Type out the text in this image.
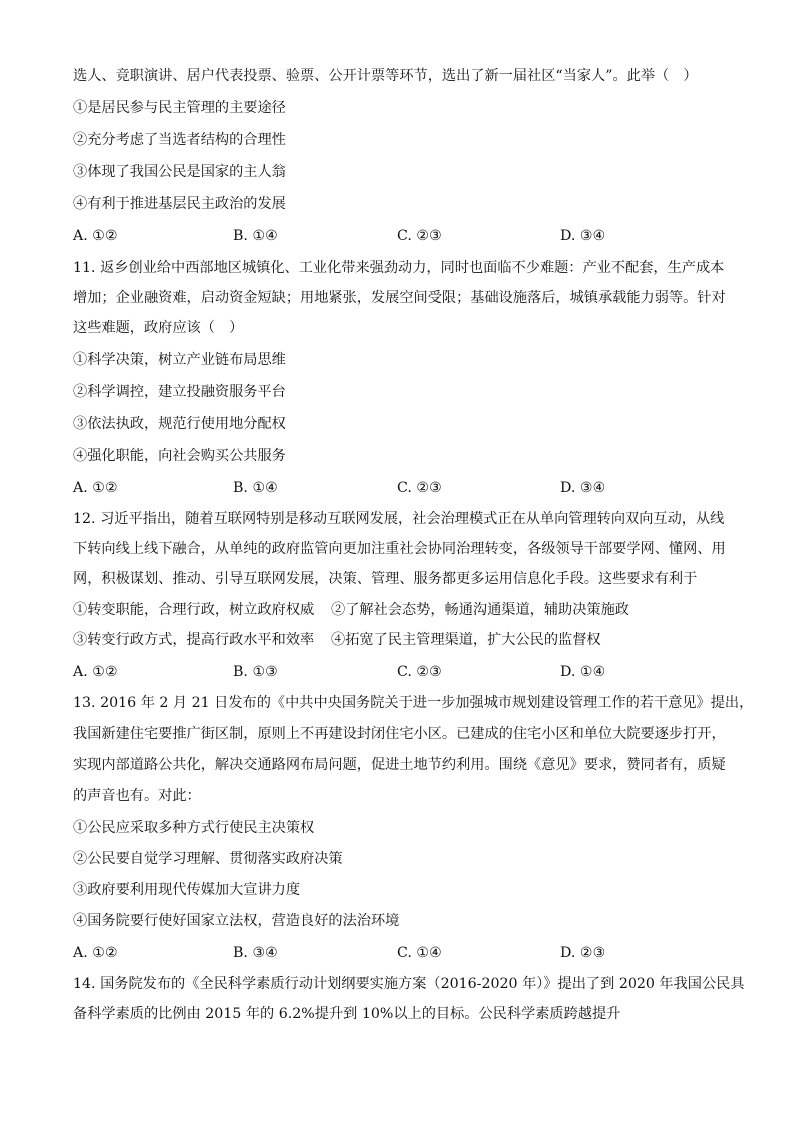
选人、竞职演讲、居户代表投票、验票、公开计票等环节，选出了新一届社区“当家人”。此举（　）
①是居民参与民主管理的主要途径
②充分考虑了当选者结构的合理性
③体现了我国公民是国家的主人翁
④有利于推进基层民主政治的发展
A. ①②	B. ①④	C. ②③	D. ③④
11. 返乡创业给中西部地区城镇化、工业化带来强劲动力，同时也面临不少难题：产业不配套，生产成本
增加；企业融资难，启动资金短缺；用地紧张，发展空间受限；基础设施落后，城镇承载能力弱等。针对
这些难题，政府应该（　）
①科学决策，树立产业链布局思维
②科学调控，建立投融资服务平台
③依法执政，规范行使用地分配权
④强化职能，向社会购买公共服务
A. ①②	B. ①④	C. ②③	D. ③④
12. 习近平指出，随着互联网特别是移动互联网发展，社会治理模式正在从单向管理转向双向互动，从线
下转向线上线下融合，从单纯的政府监管向更加注重社会协同治理转变，各级领导干部要学网、懂网、用
网，积极谋划、推动、引导互联网发展，决策、管理、服务都更多运用信息化手段。这些要求有利于
①转变职能，合理行政，树立政府权威 ②了解社会态势，畅通沟通渠道，辅助决策施政
③转变行政方式，提高行政水平和效率 ④拓宽了民主管理渠道，扩大公民的监督权
A. ①②	B. ①③	C. ②③	D. ①④
13. 2016 年 2 月 21 日发布的《中共中央国务院关于进一步加强城市规划建设管理工作的若干意见》提出，
我国新建住宅要推广街区制，原则上不再建设封闭住宅小区。已建成的住宅小区和单位大院要逐步打开，
实现内部道路公共化，解决交通路网布局问题，促进土地节约利用。围绕《意见》要求，赞同者有，质疑
的声音也有。对此：
①公民应采取多种方式行使民主决策权
②公民要自觉学习理解、贯彻落实政府决策
③政府要利用现代传媒加大宣讲力度
④国务院要行使好国家立法权，营造良好的法治环境
A. ①②	B. ③④	C. ①④	D. ②③
14. 国务院发布的《全民科学素质行动计划纲要实施方案（2016-2020 年）》提出了到 2020 年我国公民具
备科学素质的比例由 2015 年的 6.2%提升到 10%以上的目标。公民科学素质跨越提升
